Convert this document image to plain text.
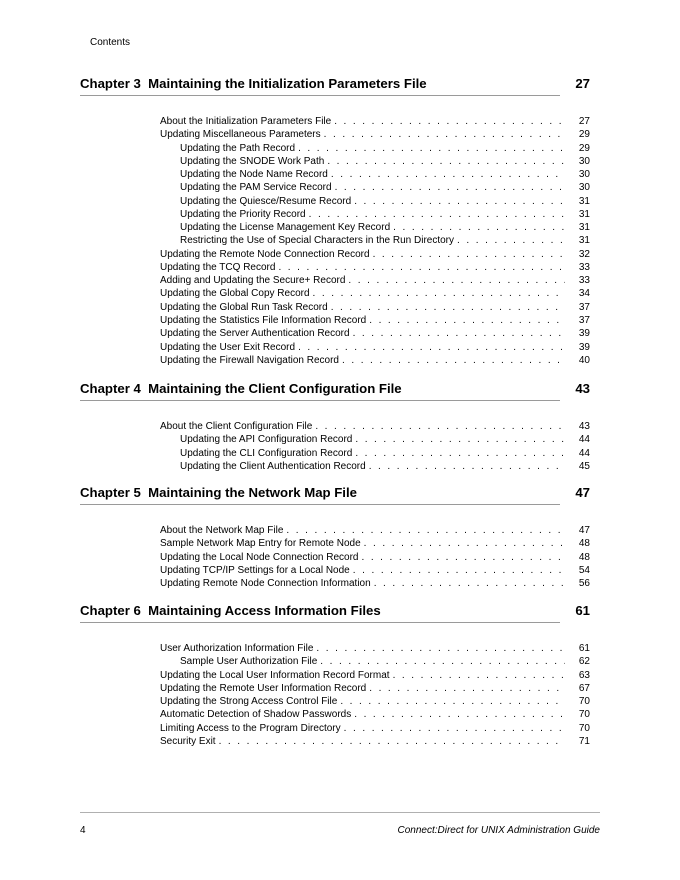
Contents
Chapter 3  Maintaining the Initialization Parameters File	27
About the Initialization Parameters File . . .	27
Updating Miscellaneous Parameters . . .	29
Updating the Path Record . . .	29
Updating the SNODE Work Path . . .	30
Updating the Node Name Record . . .	30
Updating the PAM Service Record . . .	30
Updating the Quiesce/Resume Record . . .	31
Updating the Priority Record . . .	31
Updating the License Management Key Record . . .	31
Restricting the Use of Special Characters in the Run Directory . . .	31
Updating the Remote Node Connection Record . . .	32
Updating the TCQ Record . . .	33
Adding and Updating the Secure+ Record . . .	33
Updating the Global Copy Record . . .	34
Updating the Global Run Task Record . . .	37
Updating the Statistics File Information Record . . .	37
Updating the Server Authentication Record . . .	39
Updating the User Exit Record . . .	39
Updating the Firewall Navigation Record . . .	40
Chapter 4  Maintaining the Client Configuration File	43
About the Client Configuration File . . .	43
Updating the API Configuration Record . . .	44
Updating the CLI Configuration Record . . .	44
Updating the Client Authentication Record . . .	45
Chapter 5  Maintaining the Network Map File	47
About the Network Map File . . .	47
Sample Network Map Entry for Remote Node . . .	48
Updating the Local Node Connection Record . . .	48
Updating TCP/IP Settings for a Local Node . . .	54
Updating Remote Node Connection Information . . .	56
Chapter 6  Maintaining Access Information Files	61
User Authorization Information File . . .	61
Sample User Authorization File . . .	62
Updating the Local User Information Record Format . . .	63
Updating the Remote User Information Record . . .	67
Updating the Strong Access Control File . . .	70
Automatic Detection of Shadow Passwords . . .	70
Limiting Access to the Program Directory . . .	70
Security Exit . . .	71
4	Connect:Direct for UNIX Administration Guide
